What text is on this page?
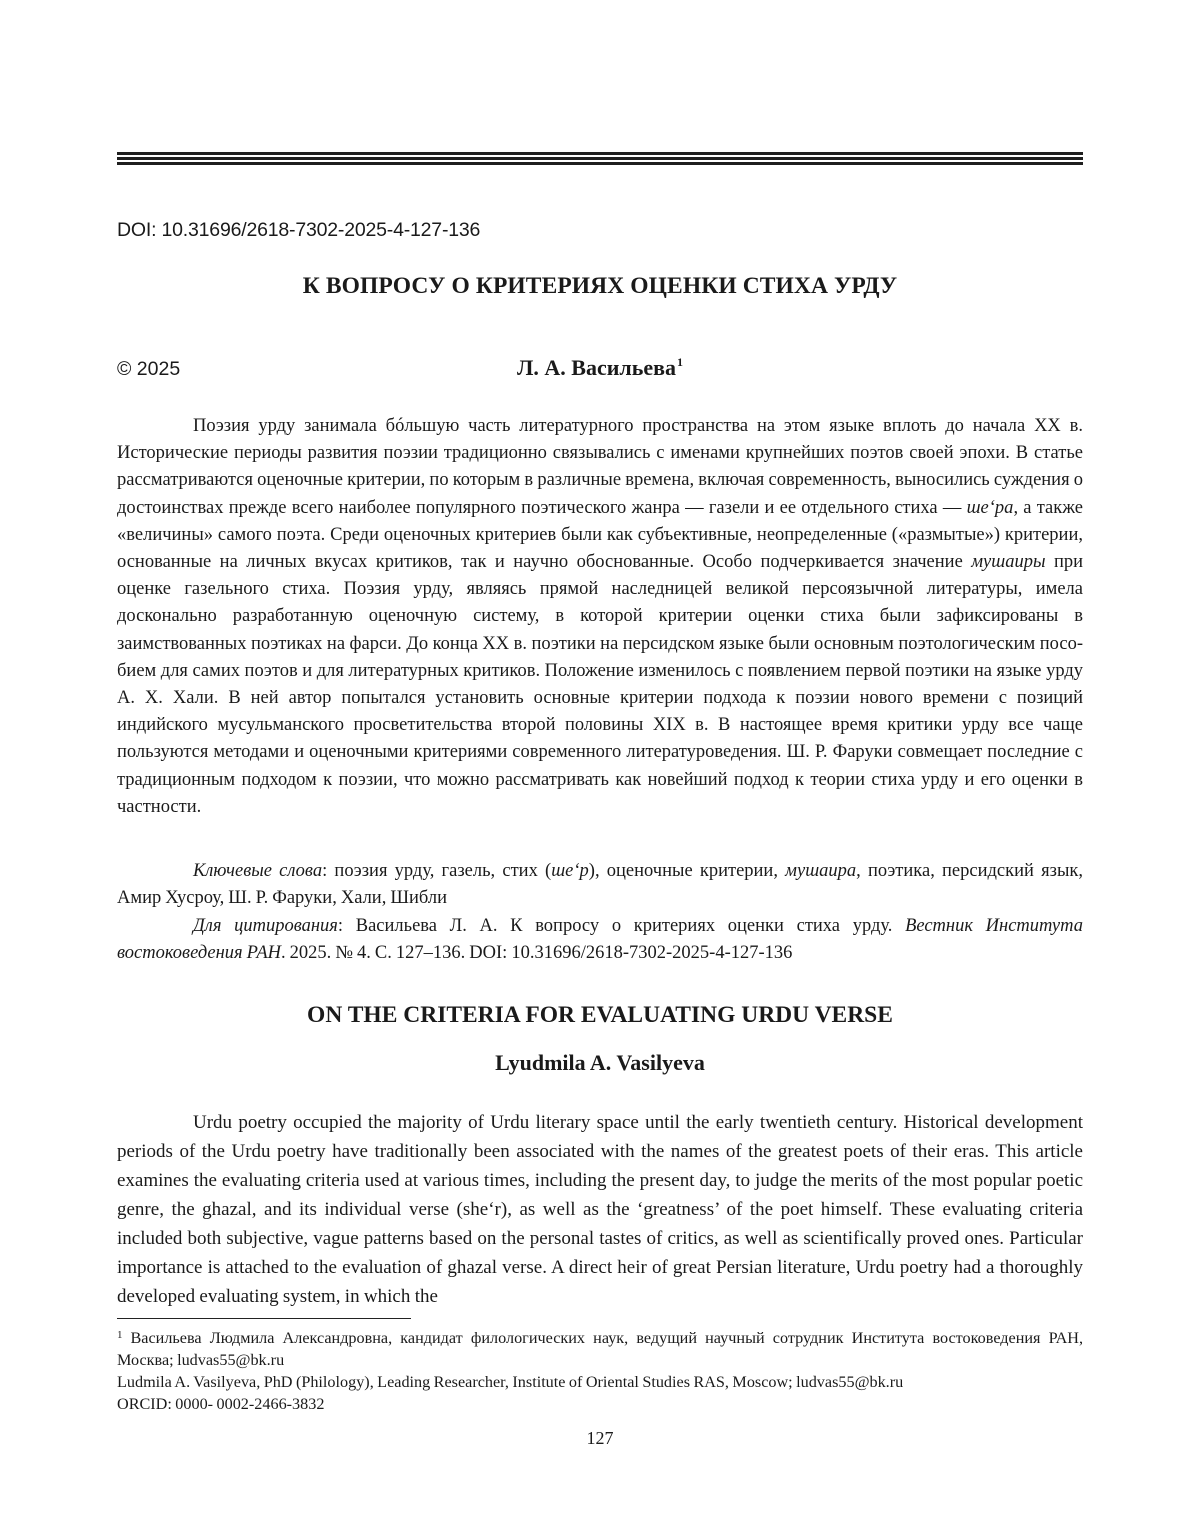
DOI: 10.31696/2618-7302-2025-4-127-136
К ВОПРОСУ О КРИТЕРИЯХ ОЦЕНКИ СТИХА УРДУ
© 2025	Л. А. Васильева$^1$

Поэзия урду занимала бóльшую часть литературного пространства на этом языке вплоть до начала XX в. Исторические периоды развития поэзии традиционно связывались с именами крупнейших поэтов своей эпохи. В статье рассматриваются оценочные критерии, по которым в различные времена, включая современность, выносились суждения о достоинствах прежде всего наиболее популярного поэтического жанра — газели и ее отдельного стиха — ше‘ра, а также «величины» самого поэта. Среди оценочных критериев были как субъективные, неопределенные («размытые») критерии, основанные на личных вкусах критиков, так и научно обоснованные. Особо подчеркивается значение мушаиры при оценке газельного стиха. Поэзия урду, являясь прямой наследницей великой персоязычной литературы, имела досконально разработанную оценочную систему, в которой критерии оценки стиха были зафиксированы в заимствованных поэтиках на фарси. До конца XX в. поэтики на персидском языке были основным поэтологическим пособием для самих поэтов и для литературных критиков. Положение изменилось с появлением первой поэтики на языке урду А. Х. Хали. В ней автор попытался установить основные критерии подхода к поэзии нового времени с позиций индийского мусульманского просветительства второй половины XIX в. В настоящее время критики урду все чаще пользуются методами и оценочными критериями современного литературоведения. Ш. Р. Фаруки совмещает последние с традиционным подходом к поэзии, что можно рассматривать как новейший подход к теории стиха урду и его оценки в частности.

Ключевые слова: поэзия урду, газель, стих (ше‘р), оценочные критерии, мушаира, поэтика, персидский язык, Амир Хусроу, Ш. Р. Фаруки, Хали, Шибли

Для цитирования: Васильева Л. А. К вопросу о критериях оценки стиха урду. Вестник Института востоковедения РАН. 2025. № 4. С. 127–136. DOI: 10.31696/2618-7302-2025-4-127-136

ON THE CRITERIA FOR EVALUATING URDU VERSE
Lyudmila A. Vasilyeva

Urdu poetry occupied the majority of Urdu literary space until the early twentieth century. Historical development periods of the Urdu poetry have traditionally been associated with the names of the greatest poets of their eras. This article examines the evaluating criteria used at various times, including the present day, to judge the merits of the most popular poetic genre, the ghazal, and its individual verse (she‘r), as well as the ‘greatness’ of the poet himself. These evaluating criteria included both subjective, vague patterns based on the personal tastes of critics, as well as scientifically proved ones. Particular importance is attached to the evaluation of ghazal verse. A direct heir of great Persian literature, Urdu poetry had a thoroughly developed evaluating system, in which the

$^1$ Васильева Людмила Александровна, кандидат филологических наук, ведущий научный сотрудник Института востоковедения РАН, Москва; ludvas55@bk.ru

Ludmila A. Vasilyeva, PhD (Philology), Leading Researcher, Institute of Oriental Studies RAS, Moscow; ludvas55@bk.ru

ORCID: 0000- 0002-2466-3832

127
